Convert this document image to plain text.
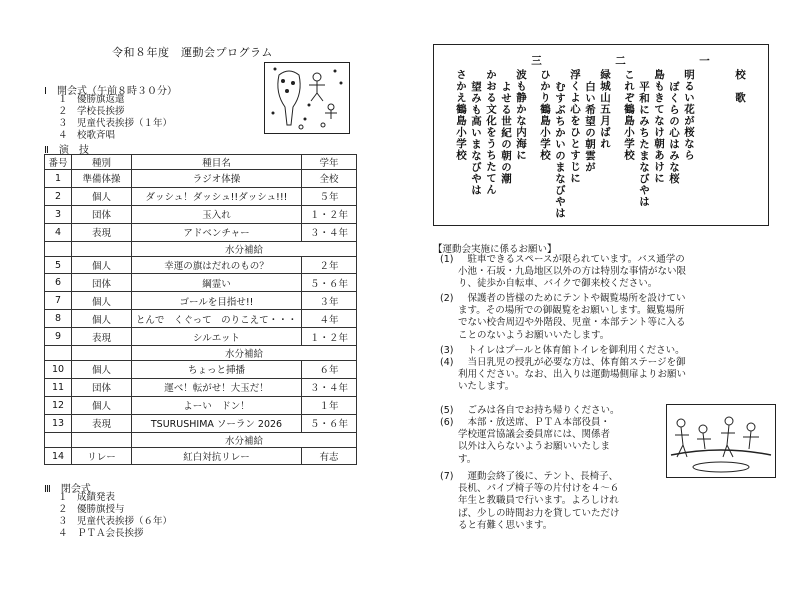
令和８年度　運動会プログラム
Ⅰ　開会式（午前８時３０分）
１　優勝旗返還
２　学校長挨拶
３　児童代表挨拶（１年）
４　校歌斉唱
Ⅱ　演　技
番号	種別	種目名	学年
1	準備体操	ラジオ体操	全校
2	個人	ダッシュ！ダッシュ!!ダッシュ!!!	５年
3	団体	玉入れ	１・２年
4	表現	アドベンチャー	３・４年
		水分補給	
5	個人	幸運の旗はだれのもの？	２年
6	団体	綱霊い	５・６年
7	個人	ゴールを目指せ!!	３年
8	個人	とんで　くぐって　のりこえて・・・	４年
9	表現	シルエット	１・２年
		水分補給	
10	個人	ちょっと挿播	６年
11	団体	運べ！転がせ！大玉だ！	３・４年
12	個人	よーい　ドン！	１年
13	表現	TSURUSHIMA ソーラン 2026	５・６年
		水分補給	
14	リレー	紅白対抗リレー	有志
Ⅲ　閉会式
１　成績発表
２　優勝旗授与
３　児童代表挨拶（６年）
４　ＰＴＡ会長挨拶
校　歌
一
明るい花が桜なら
ぼくらの心はみな桜
島もきてなけ朝あけに
平和にみちたまなびやは
これぞ鶴島小学校
二
緑城山五月ばれ
白い希望の朝雲が
浮くよ心をひとすじに
むすぶちかいのまなびやは
ひかり鶴島小学校
三
波も静かな内海に
よせる世紀の朝の潮
かおる文化をうちたてん
望みも高いまなびやは
さかえ鶴島小学校
【運動会実施に係るお願い】
(1) 　駐車できるスペースが限られています。バス通学の
小池・石坂・九島地区以外の方は特別な事情がない限
り、徒歩か自転車、バイクで御来校ください。
(2) 　保護者の皆様のためにテントや観覧場所を設けてい
ます。その場所での御観覧をお願いします。観覧場所
でない校舎周辺や外階段、児童・本部テント等に入る
ことのないようお願いいたします。
(3) 　トイレはプールと体育館トイレを御利用ください。
(4) 　当日乳児の授乳が必要な方は、体育館ステージを御
利用ください。なお、出入りは運動場側扉よりお願い
いたします。
(5) 　ごみは各自でお持ち帰りください。
(6) 　本部・放送席、ＰＴＡ本部役員・
学校運営協議会委員席には、関係者
以外は入らないようお願いいたしま
す。
(7) 　運動会終了後に、テント、長椅子、
長机、パイプ椅子等の片付けを４～６
年生と教職員で行います。よろしけれ
ば、少しの時間お力を貸していただけ
ると有難く思います。
